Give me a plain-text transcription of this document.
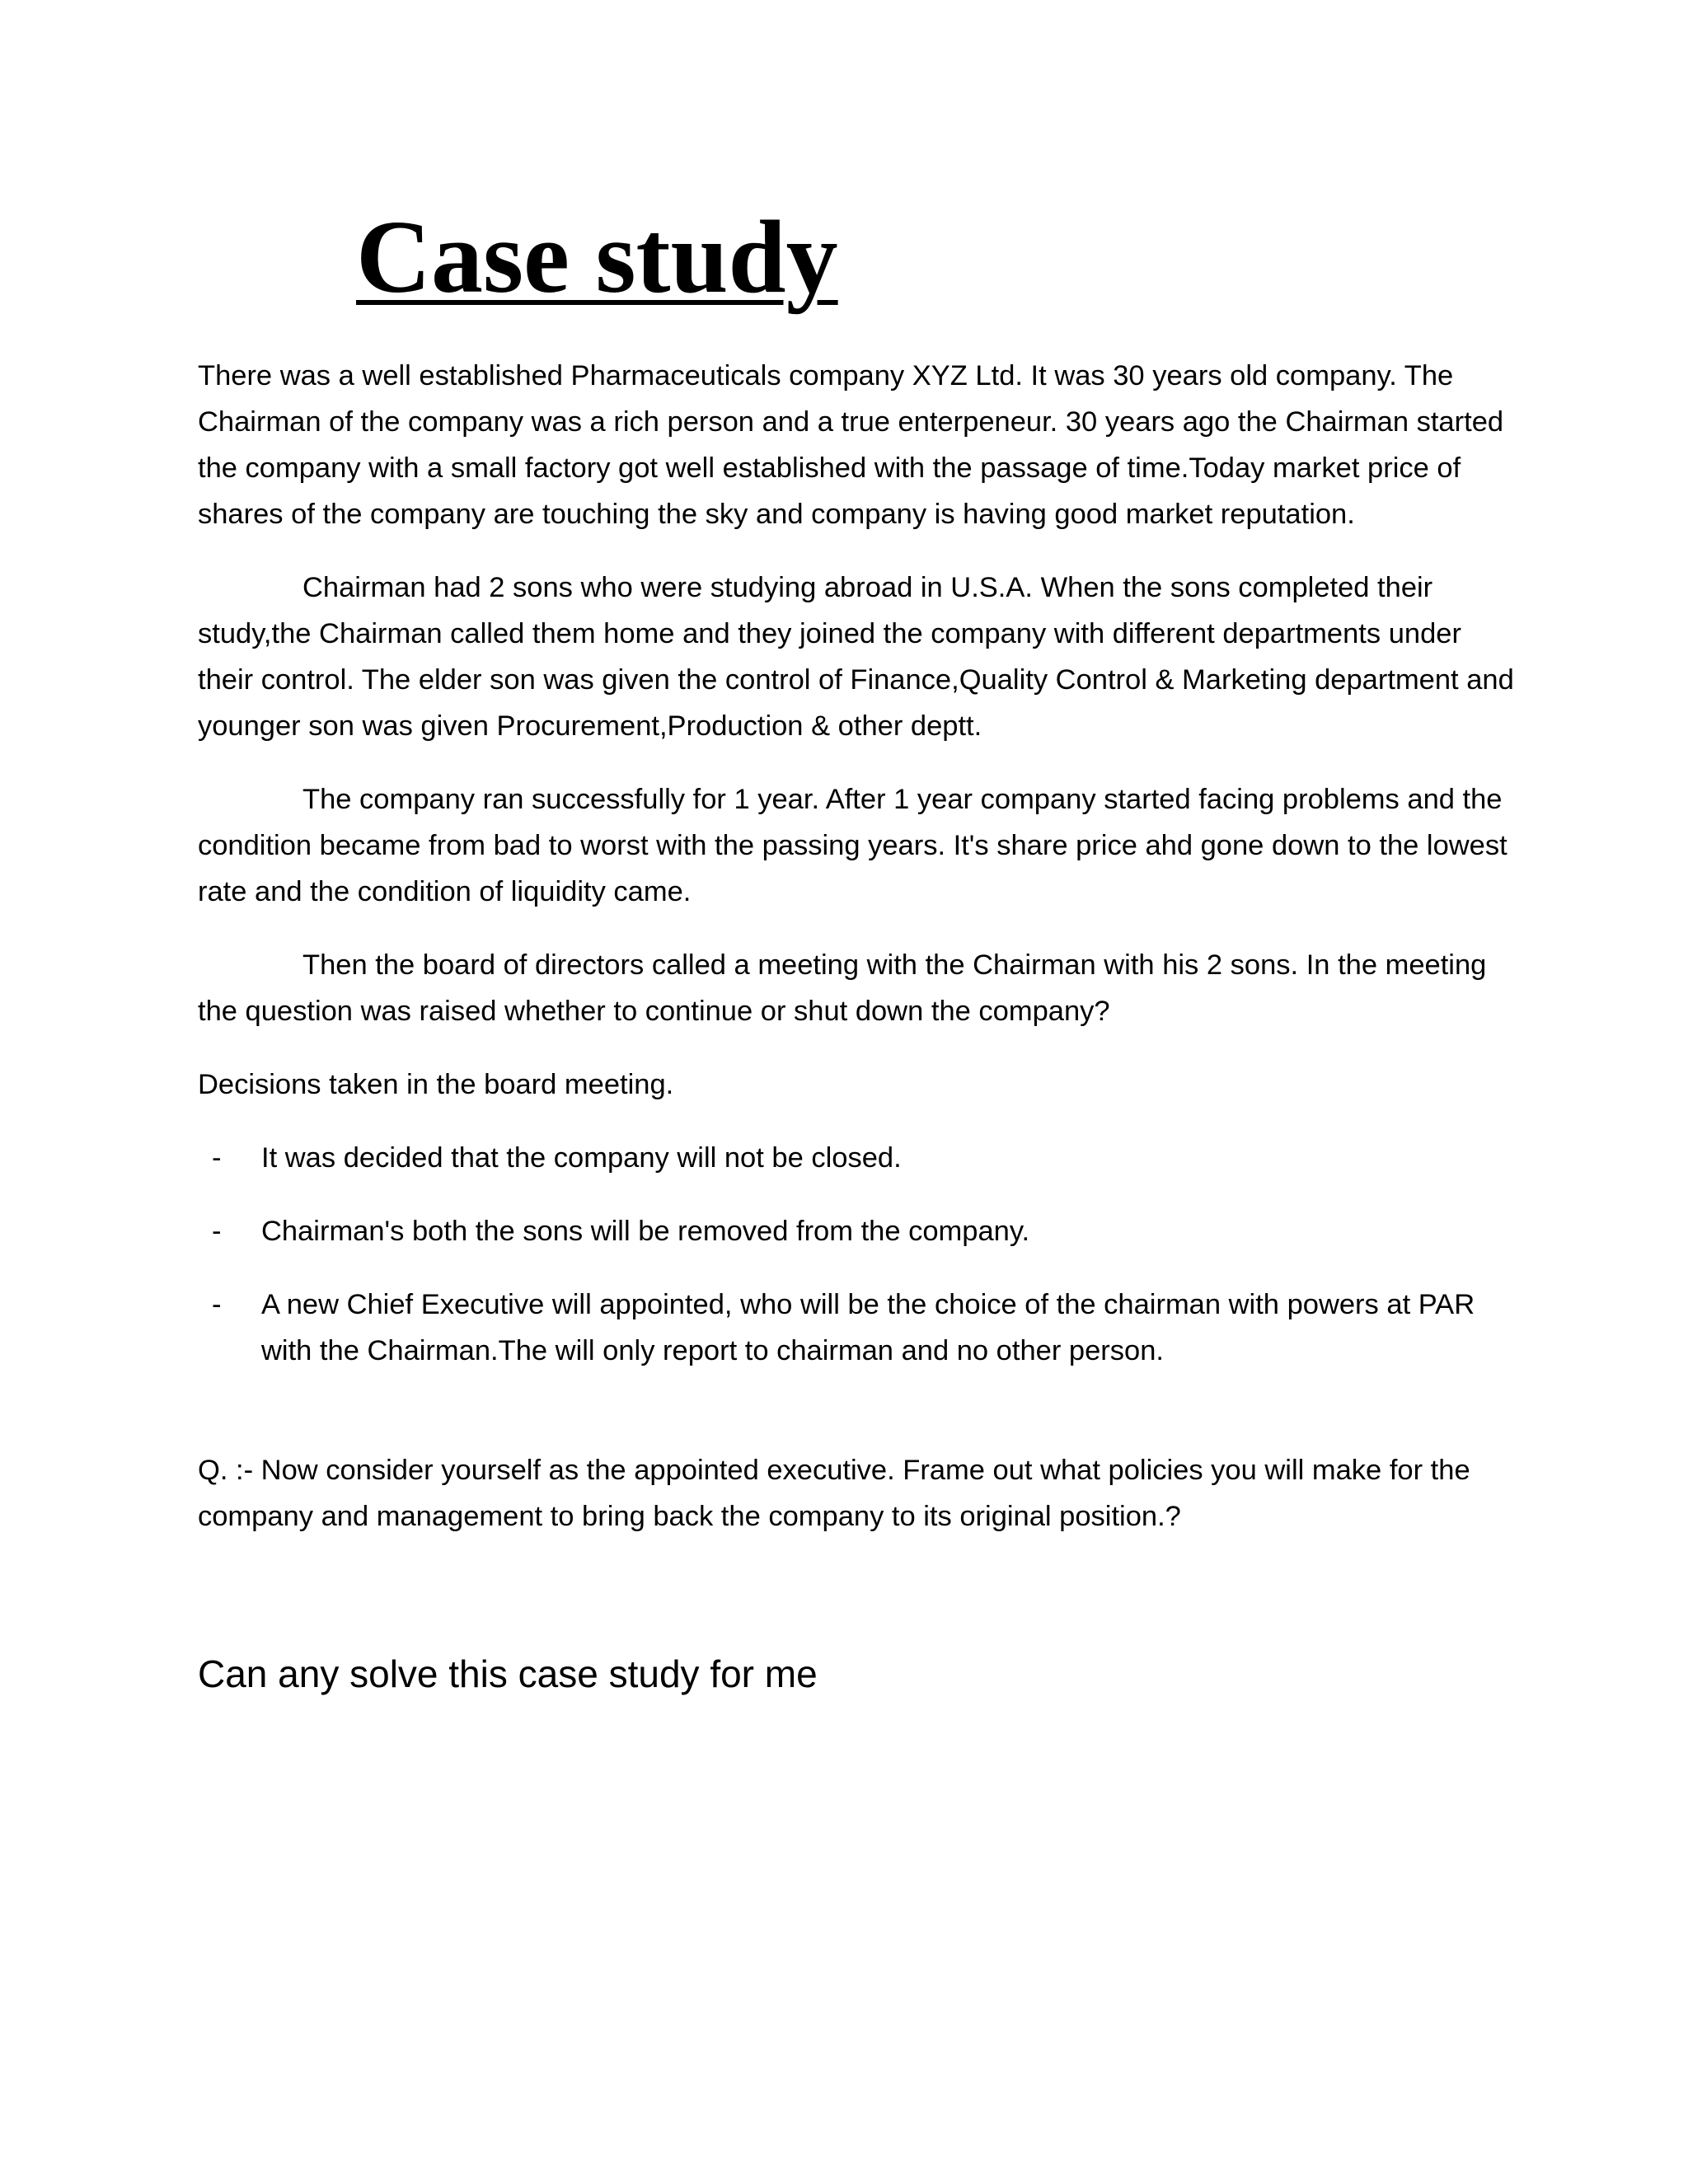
Case study

There was a well established Pharmaceuticals company XYZ Ltd. It was 30 years old company. The Chairman of the company was a rich person and a true enterpeneur. 30 years ago the Chairman started the company with a small factory got well established with the passage of time.Today market price of shares of the company are touching the sky and company is having good market reputation.

Chairman had 2 sons who were studying abroad in U.S.A. When the sons completed their study,the Chairman called them home and they joined the company with different departments under their control. The elder son was given the control of Finance,Quality Control & Marketing department and younger son was given Procurement,Production & other deptt.

The company ran successfully for 1 year. After 1 year company started facing problems and the condition became from bad to worst with the passing years. It's share price ahd gone down to the lowest rate and the condition of liquidity came.

Then the board of directors called a meeting with the Chairman with his 2 sons. In the meeting the question was raised whether to continue or shut down the company?

Decisions taken in the board meeting.

- It was decided that the company will not be closed.
- Chairman's both the sons will be removed from the company.
- A new Chief Executive will appointed, who will be the choice of the chairman with powers at PAR with the Chairman.The will only report to chairman and no other person.

Q. :- Now consider yourself as the appointed executive. Frame out what policies you will make for the company and management to bring back the company to its original position.?

Can any solve this case study for me
